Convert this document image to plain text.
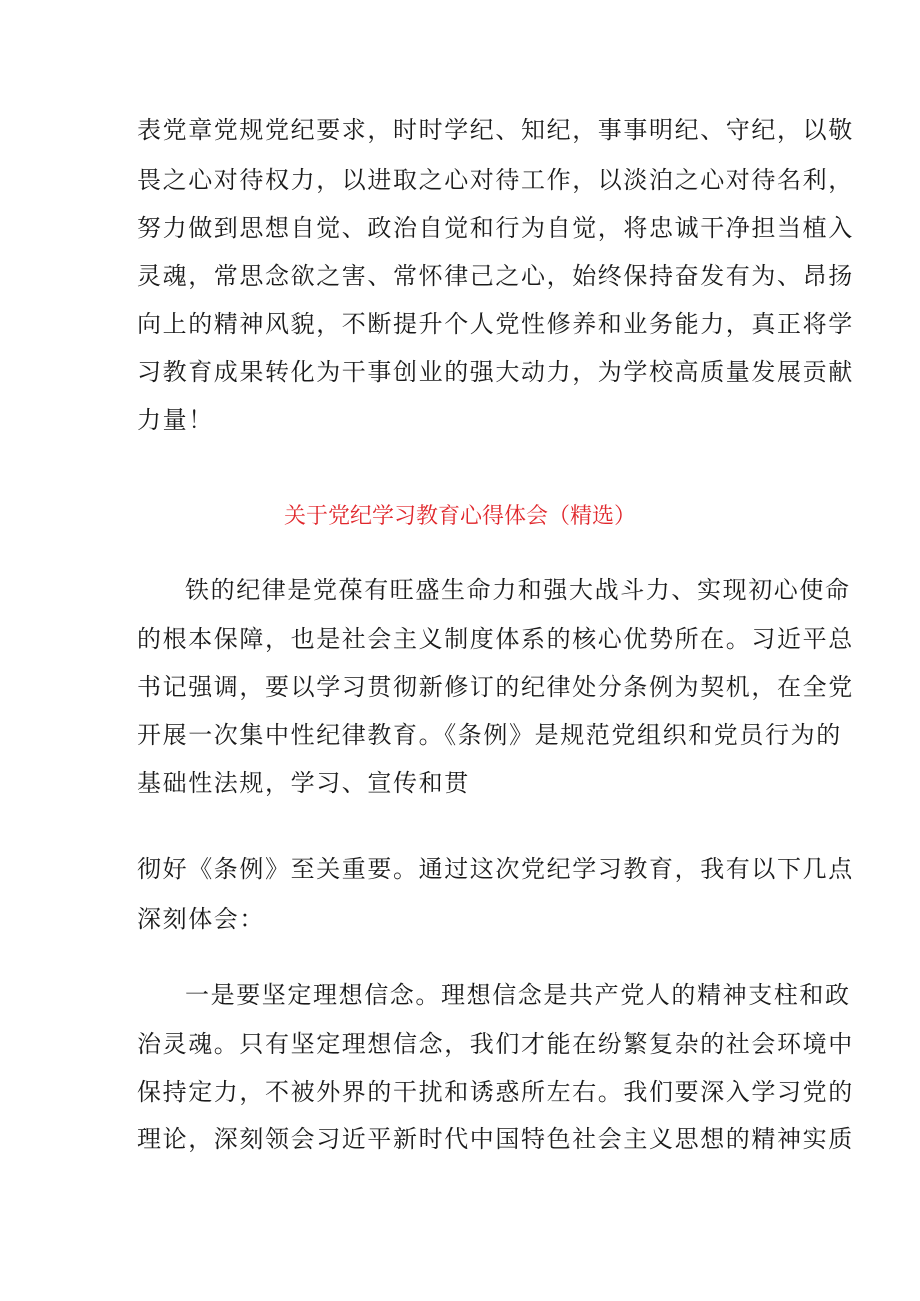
表党章党规党纪要求，时时学纪、知纪，事事明纪、守纪，以敬
畏之心对待权力，以进取之心对待工作，以淡泊之心对待名利，
努力做到思想自觉、政治自觉和行为自觉，将忠诚干净担当植入
灵魂，常思念欲之害、常怀律己之心，始终保持奋发有为、昂扬
向上的精神风貌，不断提升个人党性修养和业务能力，真正将学
习教育成果转化为干事创业的强大动力，为学校高质量发展贡献
力量！
关于党纪学习教育心得体会（精选）
铁的纪律是党葆有旺盛生命力和强大战斗力、实现初心使命
的根本保障，也是社会主义制度体系的核心优势所在。习近平总
书记强调，要以学习贯彻新修订的纪律处分条例为契机，在全党
开展一次集中性纪律教育。《条例》是规范党组织和党员行为的
基础性法规，学习、宣传和贯
彻好《条例》至关重要。通过这次党纪学习教育，我有以下几点
深刻体会：
一是要坚定理想信念。理想信念是共产党人的精神支柱和政
治灵魂。只有坚定理想信念，我们才能在纷繁复杂的社会环境中
保持定力，不被外界的干扰和诱惑所左右。我们要深入学习党的
理论，深刻领会习近平新时代中国特色社会主义思想的精神实质
